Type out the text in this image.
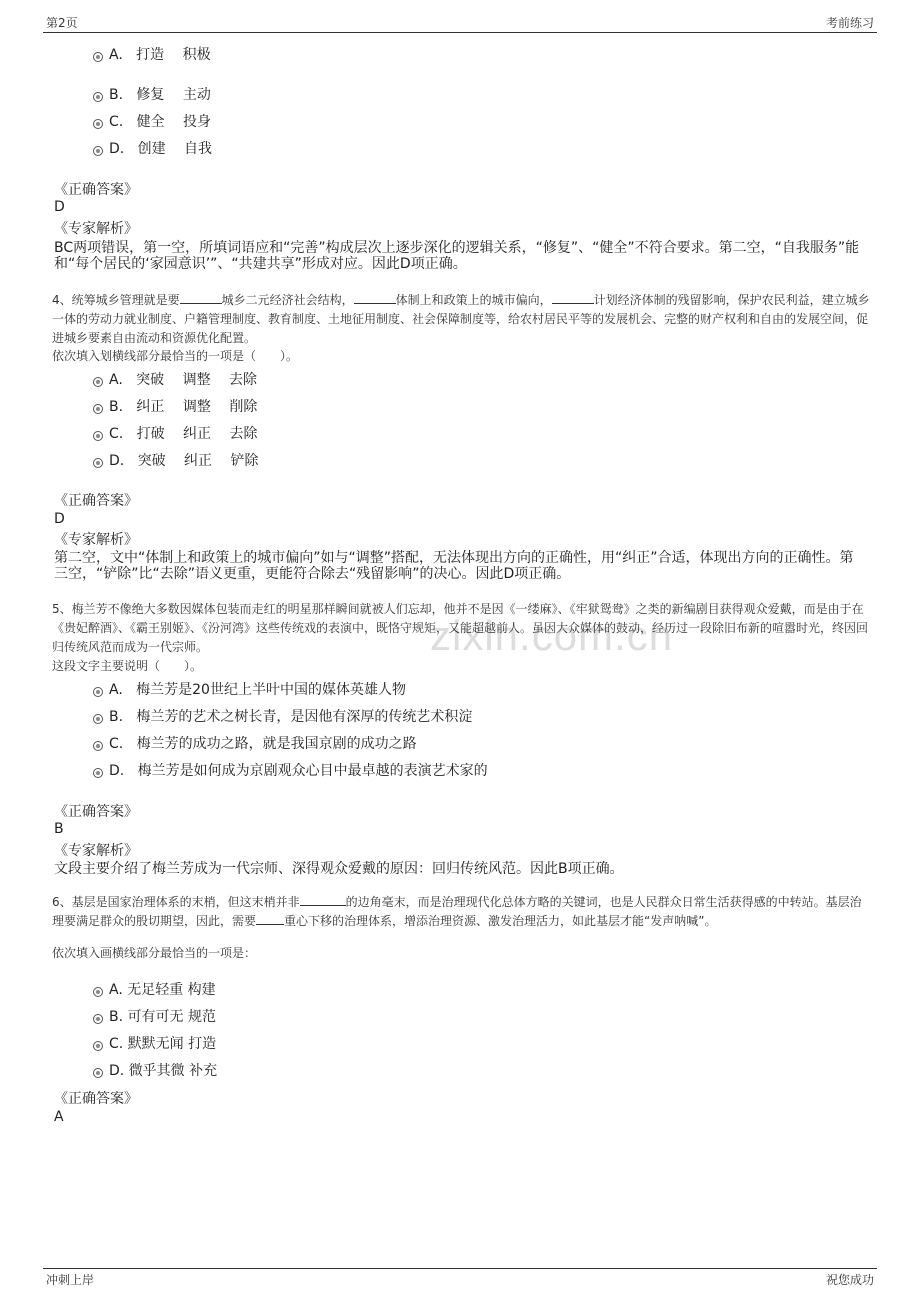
第2页	考前练习
zixin.com.cn
A. 打造　 积极
B. 修复　 主动
C. 健全　 投身
D. 创建　 自我
《正确答案》
D
《专家解析》
BC两项错误，第一空，所填词语应和“完善”构成层次上逐步深化的逻辑关系，“修复”、“健全”不符合要求。第二空，“自我服务”能和“每个居民的‘家园意识’”、“共建共享”形成对应。因此D项正确。
4、统筹城乡管理就是要	城乡二元经济社会结构，	体制上和政策上的城市偏向，	计划经济体制的残留影响，保护农民利益，建立城乡一体的劳动力就业制度、户籍管理制度、教育制度、土地征用制度、社会保障制度等，给农村居民平等的发展机会、完整的财产权利和自由的发展空间，促进城乡要素自由流动和资源优化配置。
依次填入划横线部分最恰当的一项是（　　）。
A. 突破　 调整　 去除
B. 纠正　 调整　 削除
C. 打破　 纠正　 去除
D. 突破　 纠正　 铲除
《正确答案》
D
《专家解析》
第二空，文中“体制上和政策上的城市偏向”如与“调整”搭配，无法体现出方向的正确性，用“纠正”合适，体现出方向的正确性。第三空，“铲除”比“去除”语义更重，更能符合除去“残留影响”的决心。因此D项正确。
5、梅兰芳不像绝大多数因媒体包装而走红的明星那样瞬间就被人们忘却，他并不是因《一缕麻》、《牢狱鸳鸯》之类的新编剧目获得观众爱戴，而是由于在《贵妃醉酒》、《霸王别姬》、《汾河湾》这些传统戏的表演中，既恪守规矩，又能超越前人。虽因大众媒体的鼓动，经历过一段除旧布新的喧嚣时光，终因回归传统风范而成为一代宗师。
这段文字主要说明（　　）。
A. 梅兰芳是20世纪上半叶中国的媒体英雄人物
B. 梅兰芳的艺术之树长青，是因他有深厚的传统艺术积淀
C. 梅兰芳的成功之路，就是我国京剧的成功之路
D. 梅兰芳是如何成为京剧观众心目中最卓越的表演艺术家的
《正确答案》
B
《专家解析》
文段主要介绍了梅兰芳成为一代宗师、深得观众爱戴的原因：回归传统风范。因此B项正确。
6、基层是国家治理体系的末梢，但这末梢并非	的边角毫末，而是治理现代化总体方略的关键词，也是人民群众日常生活获得感的中转站。基层治理要满足群众的殷切期望，因此，需要 重心下移的治理体系，增添治理资源、激发治理活力，如此基层才能“发声呐喊”。
依次填入画横线部分最恰当的一项是：
A. 无足轻重 构建
B. 可有可无 规范
C. 默默无闻 打造
D. 微乎其微 补充
《正确答案》
A
冲刺上岸	祝您成功
